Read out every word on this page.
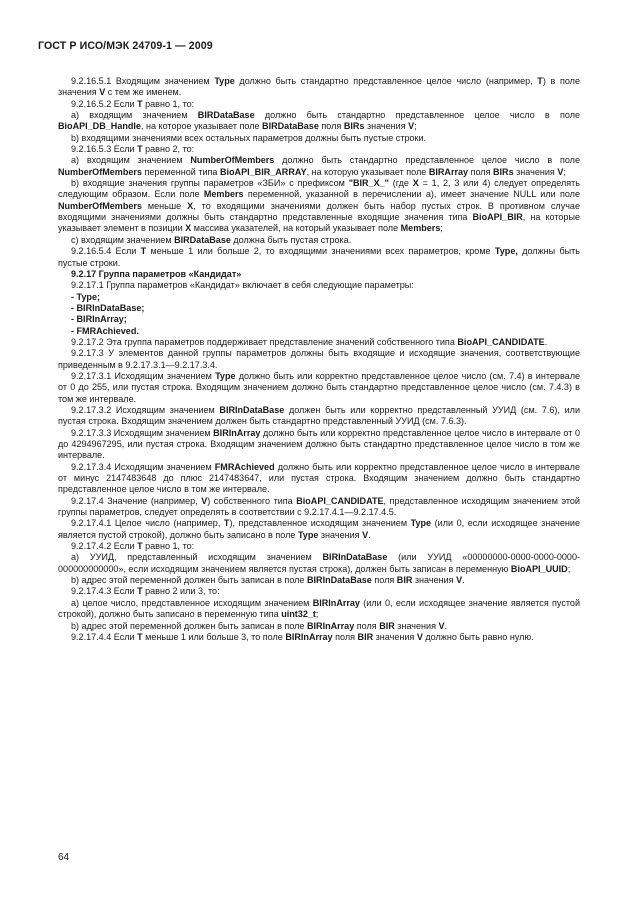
ГОСТ Р ИСО/МЭК 24709-1 — 2009

9.2.16.5.1 Входящим значением Type должно быть стандартно представленное целое число (например, T) в поле значения V с тем же именем.

9.2.16.5.2 Если T равно 1, то:

а) входящим значением BIRDataBase должно быть стандартно представленное целое число в поле BioAPI_DB_Handle, на которое указывает поле BIRDataBase поля BIRs значения V;

b) входящими значениями всех остальных параметров должны быть пустые строки.

9.2.16.5.3 Если T равно 2, то:

а) входящим значением NumberOfMembers должно быть стандартно представленное целое число в поле NumberOfMembers переменной типа BioAPI_BIR_ARRAY, на которую указывает поле BIRArray поля BIRs значения V;

b) входящие значения группы параметров «ЗБИ» с префиксом "BIR_X_" (где X = 1, 2, 3 или 4) следует определять следующим образом. Если поле Members переменной, указанной в перечислении а), имеет значение NULL или поле NumberOfMembers меньше X, то входящими значениями должен быть набор пустых строк. В противном случае входящими значениями должны быть стандартно представленные входящие значения типа BioAPI_BIR, на которые указывает элемент в позиции X массива указателей, на который указывает поле Members;

с) входящим значением BIRDataBase должна быть пустая строка.

9.2.16.5.4 Если T меньше 1 или больше 2, то входящими значениями всех параметров, кроме Type, должны быть пустые строки.

9.2.17 Группа параметров «Кандидат»

9.2.17.1 Группа параметров «Кандидат» включает в себя следующие параметры:

- Type;

- BIRInDataBase;

- BIRInArray;

- FMRAchieved.

9.2.17.2 Эта группа параметров поддерживает представление значений собственного типа BioAPI_CANDIDATE.

9.2.17.3 У элементов данной группы параметров должны быть входящие и исходящие значения, соответствующие приведенным в 9.2.17.3.1—9.2.17.3.4.

9.2.17.3.1 Исходящим значением Type должно быть или корректно представленное целое число (см. 7.4) в интервале от 0 до 255, или пустая строка. Входящим значением должно быть стандартно представленное целое число (см. 7.4.3) в том же интервале.

9.2.17.3.2 Исходящим значением BIRInDataBase должен быть или корректно представленный УУИД (см. 7.6), или пустая строка. Входящим значением должен быть стандартно представленный УУИД (см. 7.6.3).

9.2.17.3.3 Исходящим значением BIRInArray должно быть или корректно представленное целое число в интервале от 0 до 4294967295, или пустая строка. Входящим значением должно быть стандартно представленное целое число в том же интервале.

9.2.17.3.4 Исходящим значением FMRAchieved должно быть или корректно представленное целое число в интервале от минус 2147483648 до плюс 2147483647, или пустая строка. Входящим значением должно быть стандартно представленное целое число в том же интервале.

9.2.17.4 Значение (например, V) собственного типа BioAPI_CANDIDATE, представленное исходящим значением этой группы параметров, следует определять в соответствии с 9.2.17.4.1—9.2.17.4.5.

9.2.17.4.1 Целое число (например, T), представленное исходящим значением Type (или 0, если исходящее значение является пустой строкой), должно быть записано в поле Type значения V.

9.2.17.4.2 Если T равно 1, то:

а) УУИД, представленный исходящим значением BIRInDataBase (или УУИД «00000000-0000-0000-0000-000000000000», если исходящим значением является пустая строка), должен быть записан в переменную BioAPI_UUID;

b) адрес этой переменной должен быть записан в поле BIRInDataBase поля BIR значения V.

9.2.17.4.3 Если T равно 2 или 3, то:

а) целое число, представленное исходящим значением BIRInArray (или 0, если исходящее значение является пустой строкой), должно быть записано в переменную типа uint32_t;

b) адрес этой переменной должен быть записан в поле BIRInArray поля BIR значения V.

9.2.17.4.4 Если T меньше 1 или больше 3, то поле BIRInArray поля BIR значения V должно быть равно нулю.

64
